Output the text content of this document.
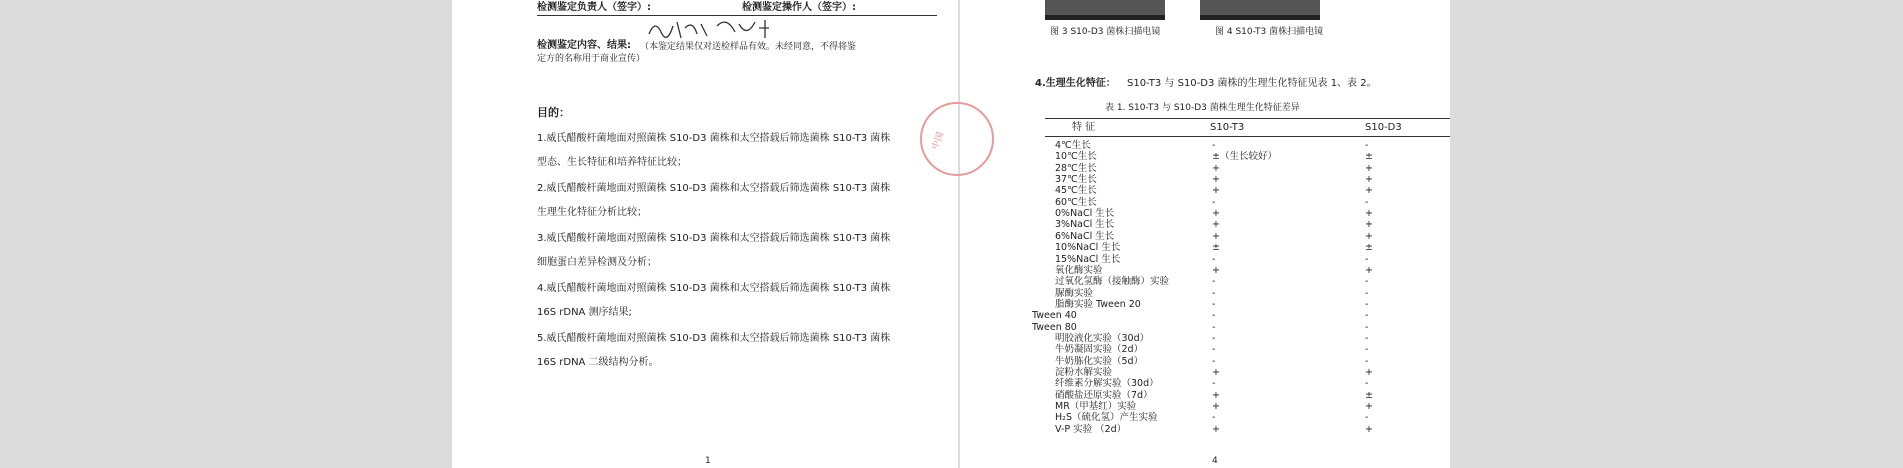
检测鉴定负责人（签字）:	检测鉴定操作人（签字）:
检测鉴定内容、结果: （本鉴定结果仅对送检样品有效。未经同意，不得将鉴
定方的名称用于商业宣传）
目的：
1.威氏醋酸杆菌地面对照菌株 S10-D3 菌株和太空搭载后筛选菌株 S10-T3 菌株
型态、生长特征和培养特征比较；
2.威氏醋酸杆菌地面对照菌株 S10-D3 菌株和太空搭载后筛选菌株 S10-T3 菌株
生理生化特征分析比较；
3.威氏醋酸杆菌地面对照菌株 S10-D3 菌株和太空搭载后筛选菌株 S10-T3 菌株
细胞蛋白差异检测及分析；
4.威氏醋酸杆菌地面对照菌株 S10-D3 菌株和太空搭载后筛选菌株 S10-T3 菌株
16S rDNA 测序结果;
5.威氏醋酸杆菌地面对照菌株 S10-D3 菌株和太空搭载后筛选菌株 S10-T3 菌株
16S rDNA 二级结构分析。
1
中国
图 3 S10-D3 菌株扫描电镜	图 4 S10-T3 菌株扫描电镜
4.生理生化特征： S10-T3 与 S10-D3 菌株的生理生化特征见表 1、表 2。
表 1. S10-T3 与 S10-D3 菌株生理生化特征差异
特 征	S10-T3	S10-D3
4℃生长	-	-
10℃生长	±（生长较好）	±
28℃生长	+	+
37℃生长	+	+
45℃生长	+	+
60℃生长	-	-
0%NaCl 生长	+	+
3%NaCl 生长	+	+
6%NaCl 生长	+	+
10%NaCl 生长	±	±
15%NaCl 生长	-	-
氧化酶实验	+	+
过氧化氢酶（接触酶）实验	-	-
脲酶实验	-	-
脂酶实验 Tween 20	-	-
Tween 40	-	-
Tween 80	-	-
明胶液化实验（30d）	-	-
牛奶凝固实验（2d）	-	-
牛奶胨化实验（5d）	-	-
淀粉水解实验	+	+
纤维素分解实验（30d）	-	-
硝酸盐还原实验（7d）	+	±
MR（甲基红）实验	+	+
H₂S（硫化氢）产生实验	-	-
V-P 实验 （2d）	+	+
4
